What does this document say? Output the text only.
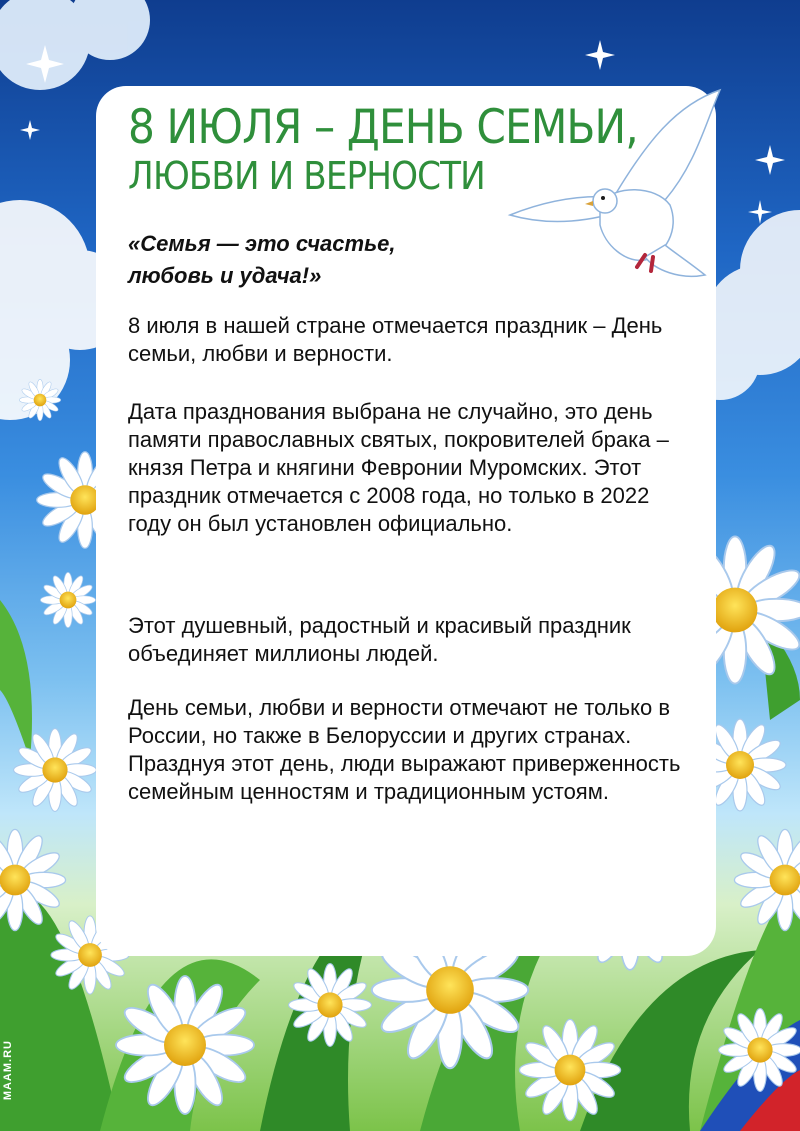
8 ИЮЛЯ – ДЕНЬ СЕМЬИ,
ЛЮБВИ И ВЕРНОСТИ

«Семья — это счастье,
любовь и удача!»

8 июля в нашей стране отмечается праздник – День семьи, любви и верности.

Дата празднования выбрана не случайно, это день памяти православных святых, покровителей брака – князя Петра и княгини Февронии Муромских. Этот праздник отмечается с 2008 года, но только в 2022 году он был установлен официально.

Этот душевный, радостный и красивый праздник объединяет миллионы людей.

День семьи, любви и верности отмечают не только в России, но также в Белоруссии и других странах. Празднуя этот день, люди выражают приверженность семейным ценностям и традиционным устоям.

MAAM.RU
